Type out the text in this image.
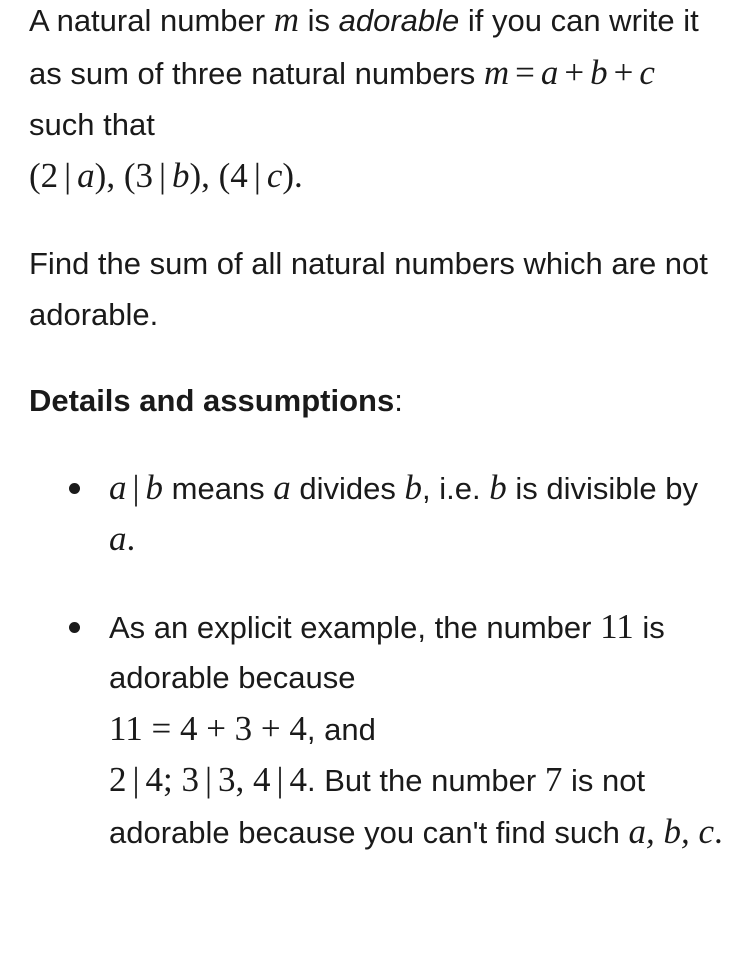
A natural number m is adorable if you can write it as sum of three natural numbers m = a + b + c such that
(2 | a), (3 | b), (4 | c).

Find the sum of all natural numbers which are not adorable.

Details and assumptions:

a | b means a divides b, i.e. b is divisible by a.
As an explicit example, the number 11 is adorable because
11 = 4 + 3 + 4, and
2 | 4; 3 | 3, 4 | 4. But the number 7 is not adorable because you can't find such a, b, c.
